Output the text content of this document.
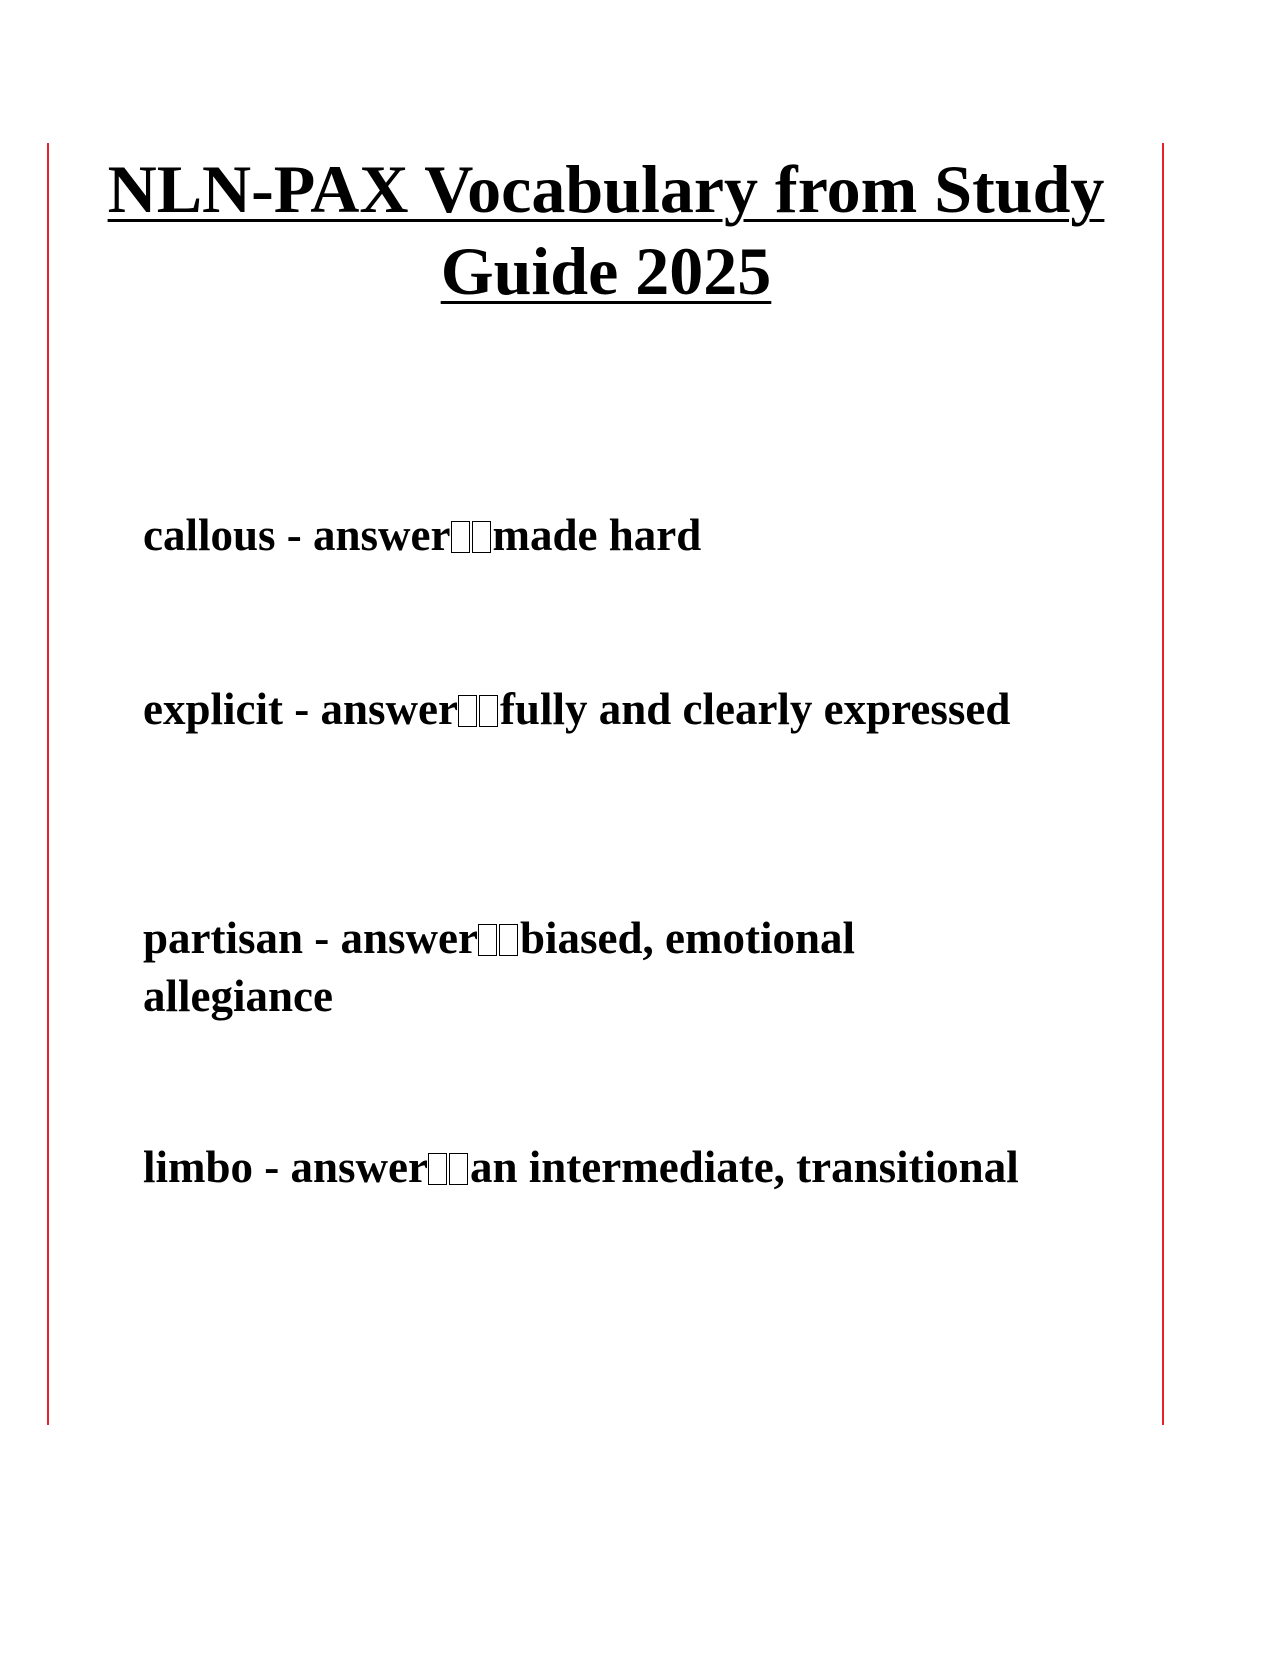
NLN-PAX Vocabulary from Study Guide 2025
callous - answer made hard
explicit - answer fully and clearly expressed
partisan - answer biased, emotional allegiance
limbo - answer an intermediate, transitional
